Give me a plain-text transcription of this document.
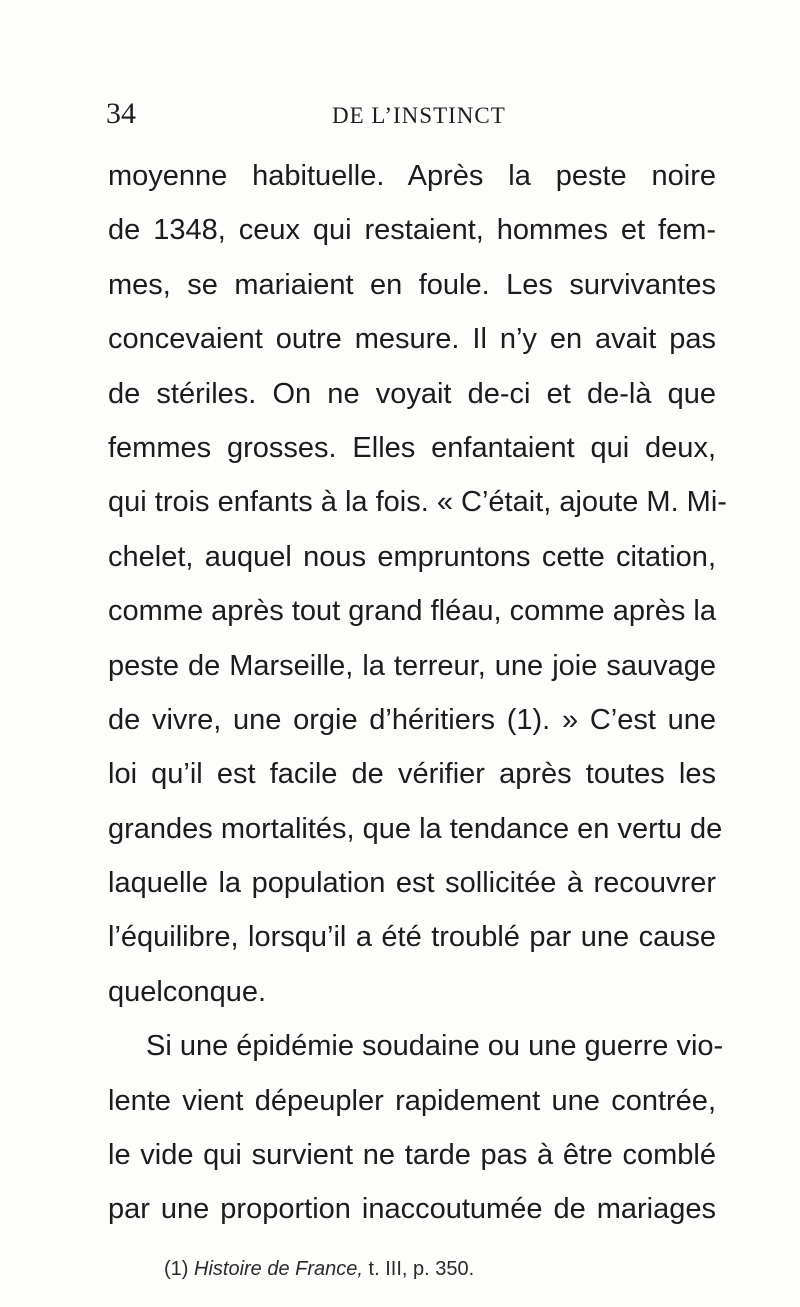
34	DE L’INSTINCT
moyenne habituelle. Après la peste noire
de 1348, ceux qui restaient, hommes et fem-
mes, se mariaient en foule. Les survivantes
concevaient outre mesure. Il n’y en avait pas
de stériles. On ne voyait de-ci et de-là que
femmes grosses. Elles enfantaient qui deux,
qui trois enfants à la fois. « C’était, ajoute M. Mi-
chelet, auquel nous empruntons cette citation,
comme après tout grand fléau, comme après la
peste de Marseille, la terreur, une joie sauvage
de vivre, une orgie d’héritiers (1). » C’est une
loi qu’il est facile de vérifier après toutes les
grandes mortalités, que la tendance en vertu de
laquelle la population est sollicitée à recouvrer
l’équilibre, lorsqu’il a été troublé par une cause
quelconque.
Si une épidémie soudaine ou une guerre vio-
lente vient dépeupler rapidement une contrée,
le vide qui survient ne tarde pas à être comblé
par une proportion inaccoutumée de mariages
(1) Histoire de France, t. III, p. 350.
